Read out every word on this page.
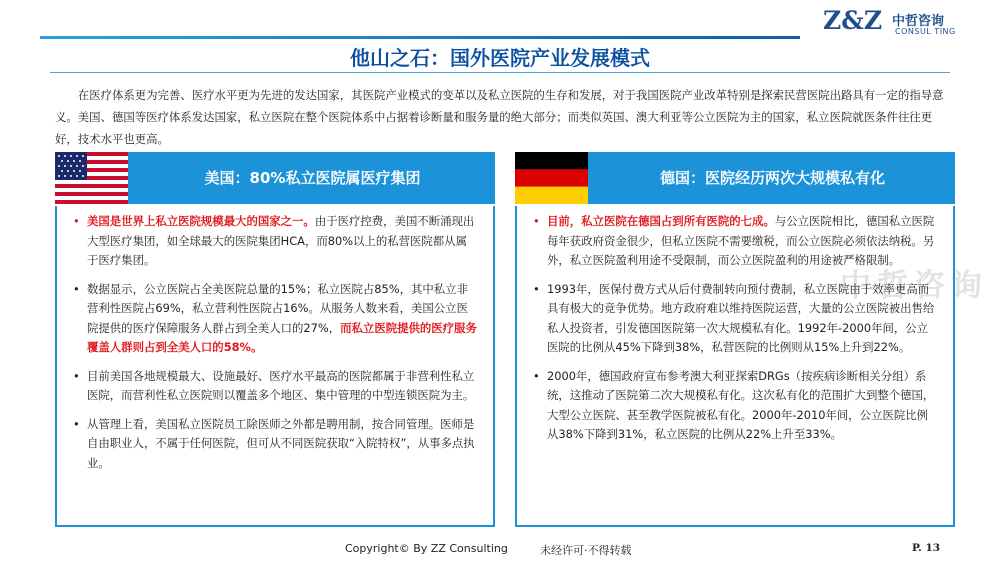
Z&Z 中哲咨询
CONSUL TING
他山之石：国外医院产业发展模式

在医疗体系更为完善、医疗水平更为先进的发达国家，其医院产业模式的变革以及私立医院的生存和发展，对于我国医院产业改革特别是探索民营医院出路具有一定的指导意义。美国、德国等医疗体系发达国家，私立医院在整个医院体系中占据着诊断量和服务量的绝大部分；而类似英国、澳大利亚等公立医院为主的国家，私立医院就医条件往往更好，技术水平也更高。

中哲咨询
美国：80%私立医院属医疗集团
• 美国是世界上私立医院规模最大的国家之一。由于医疗控费，美国不断涌现出大型医疗集团，如全球最大的医院集团HCA，而80%以上的私营医院都从属于医疗集团。
• 数据显示，公立医院占全美医院总量的15%；私立医院占85%，其中私立非营利性医院占69%，私立营利性医院占16%。从服务人数来看，美国公立医院提供的医疗保障服务人群占到全美人口的27%，而私立医院提供的医疗服务覆盖人群则占到全美人口的58%。
• 目前美国各地规模最大、设施最好、医疗水平最高的医院都属于非营利性私立医院，而营利性私立医院则以覆盖多个地区、集中管理的中型连锁医院为主。
• 从管理上看，美国私立医院员工除医师之外都是聘用制，按合同管理。医师是自由职业人，不属于任何医院，但可从不同医院获取“入院特权”，从事多点执业。
德国：医院经历两次大规模私有化
• 目前，私立医院在德国占到所有医院的七成。与公立医院相比，德国私立医院每年获政府资金很少，但私立医院不需要缴税，而公立医院必须依法纳税。另外，私立医院盈利用途不受限制，而公立医院盈利的用途被严格限制。
• 1993年，医保付费方式从后付费制转向预付费制，私立医院由于效率更高而具有极大的竞争优势。地方政府难以维持医院运营，大量的公立医院被出售给私人投资者，引发德国医院第一次大规模私有化。1992年-2000年间，公立医院的比例从45%下降到38%，私营医院的比例则从15%上升到22%。
• 2000年，德国政府宣布参考澳大利亚探索DRGs（按疾病诊断相关分组）系统，这推动了医院第二次大规模私有化。这次私有化的范围扩大到整个德国，大型公立医院、甚至教学医院被私有化。2000年-2010年间，公立医院比例从38%下降到31%，私立医院的比例从22%上升至33%。
Copyright© By ZZ Consulting	未经许可·不得转载	P. 13
